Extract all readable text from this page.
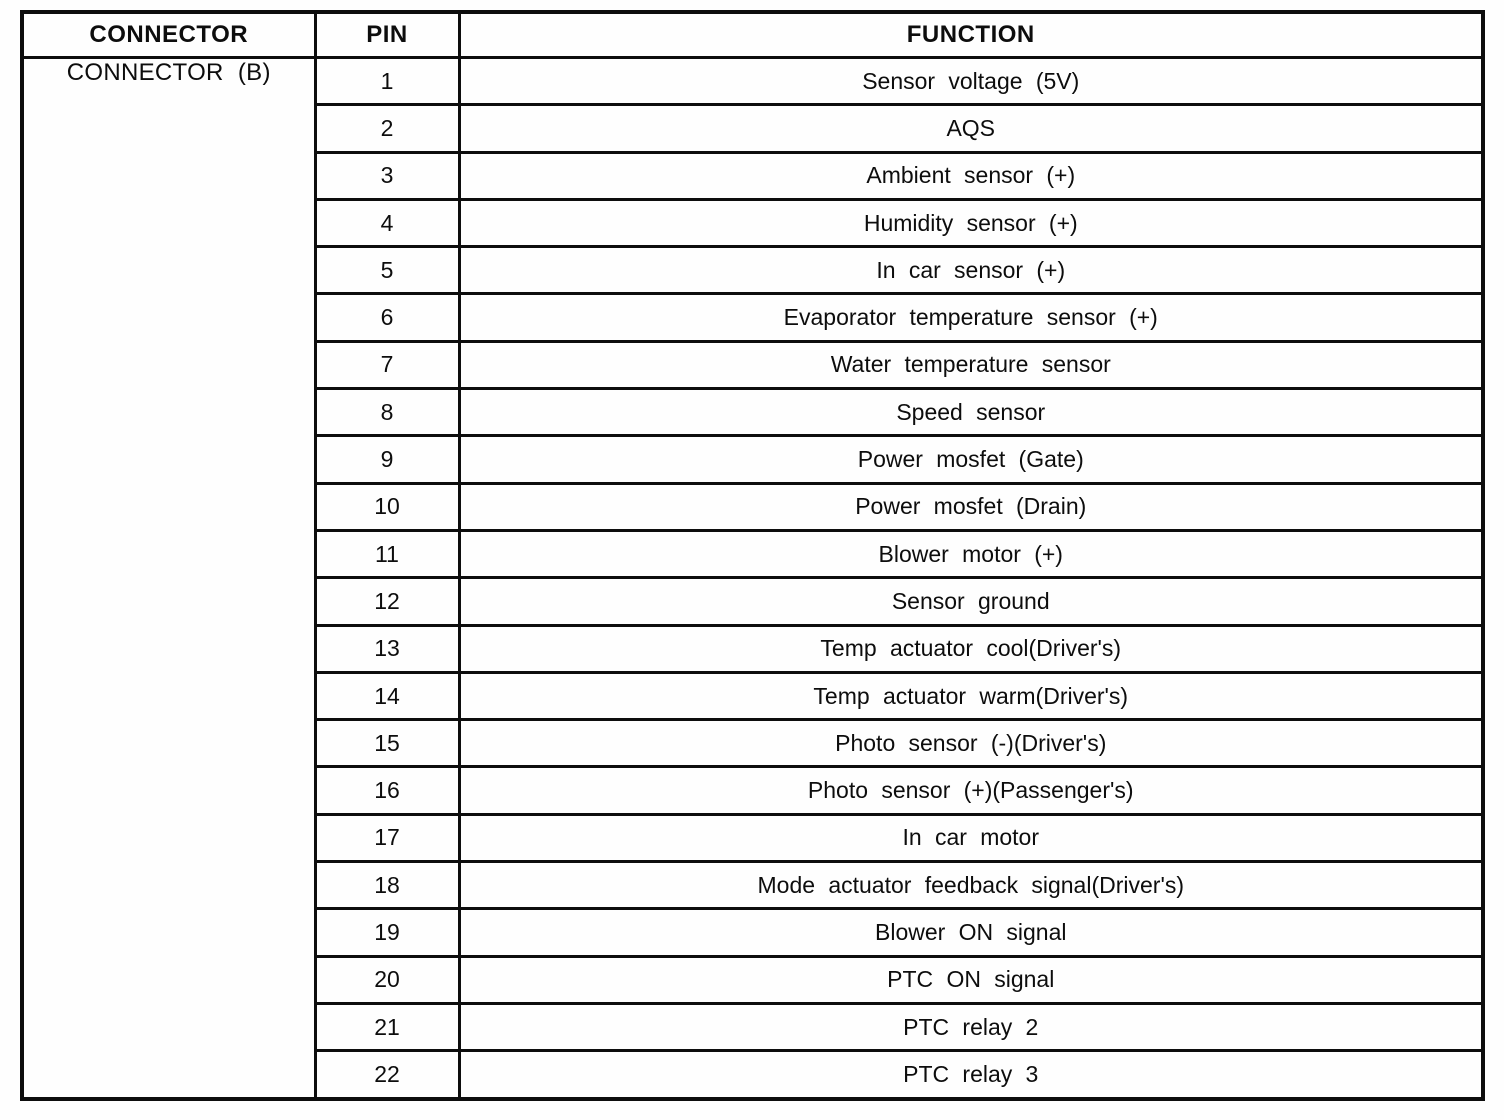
CONNECTOR	PIN	FUNCTION
CONNECTOR (B)	1	Sensor voltage (5V)
	2	AQS
	3	Ambient sensor (+)
	4	Humidity sensor (+)
	5	In car sensor (+)
	6	Evaporator temperature sensor (+)
	7	Water temperature sensor
	8	Speed sensor
	9	Power mosfet (Gate)
	10	Power mosfet (Drain)
	11	Blower motor (+)
	12	Sensor ground
	13	Temp actuator cool(Driver's)
	14	Temp actuator warm(Driver's)
	15	Photo sensor (-)(Driver's)
	16	Photo sensor (+)(Passenger's)
	17	In car motor
	18	Mode actuator feedback signal(Driver's)
	19	Blower ON signal
	20	PTC ON signal
	21	PTC relay 2
	22	PTC relay 3
